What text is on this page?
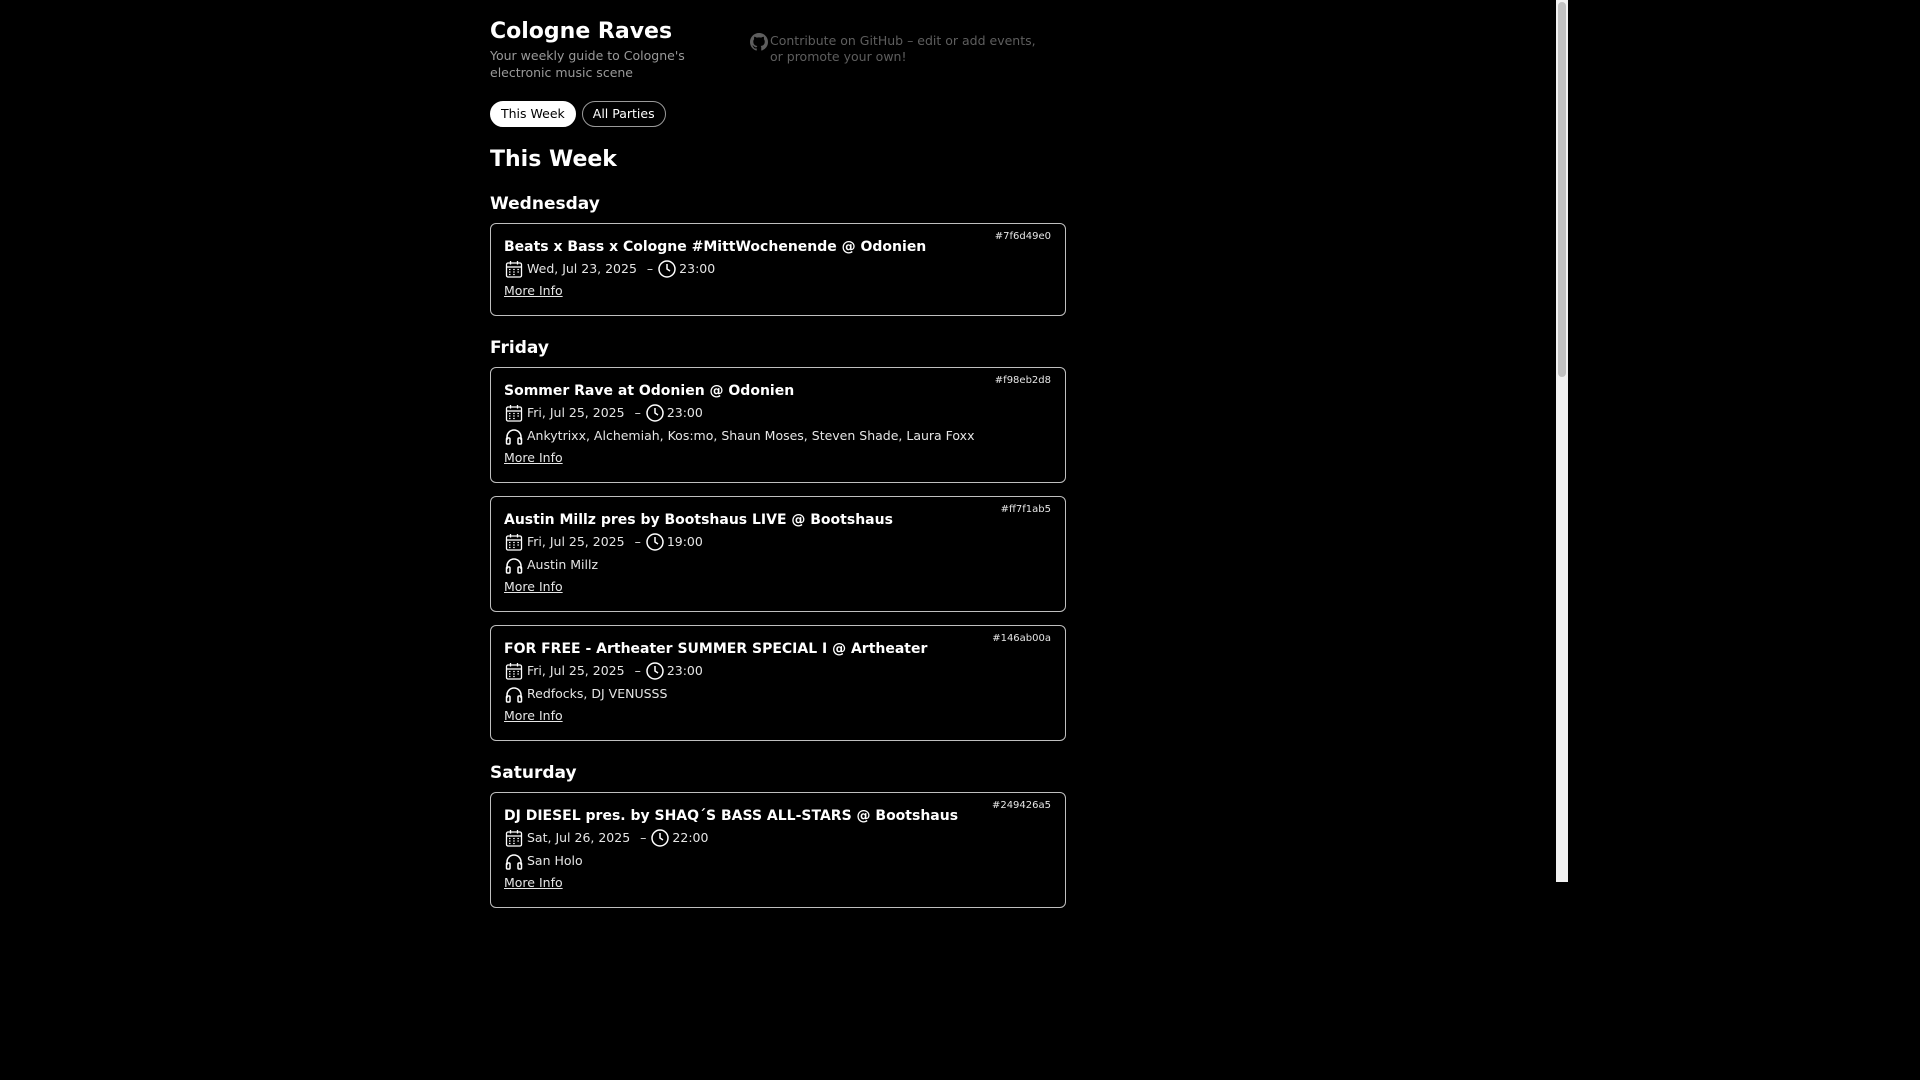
Cologne Raves
Your weekly guide to Cologne's electronic music scene
Contribute on GitHub – edit or add events, or promote your own!
This Week	All Parties
This Week
Wednesday
#7f6d49e0
Beats x Bass x Cologne #MittWochenende @ Odonien
Wed, Jul 23, 2025 – 23:00
More Info
Friday
#f98eb2d8
Sommer Rave at Odonien @ Odonien
Fri, Jul 25, 2025 – 23:00
Ankytrixx, Alchemiah, Kos:mo, Shaun Moses, Steven Shade, Laura Foxx
More Info
#ff7f1ab5
Austin Millz pres by Bootshaus LIVE @ Bootshaus
Fri, Jul 25, 2025 – 19:00
Austin Millz
More Info
#146ab00a
FOR FREE - Artheater SUMMER SPECIAL I @ Artheater
Fri, Jul 25, 2025 – 23:00
Redfocks, DJ VENUSSS
More Info
Saturday
#249426a5
DJ DIESEL pres. by SHAQ´S BASS ALL-STARS @ Bootshaus
Sat, Jul 26, 2025 – 22:00
San Holo
More Info
